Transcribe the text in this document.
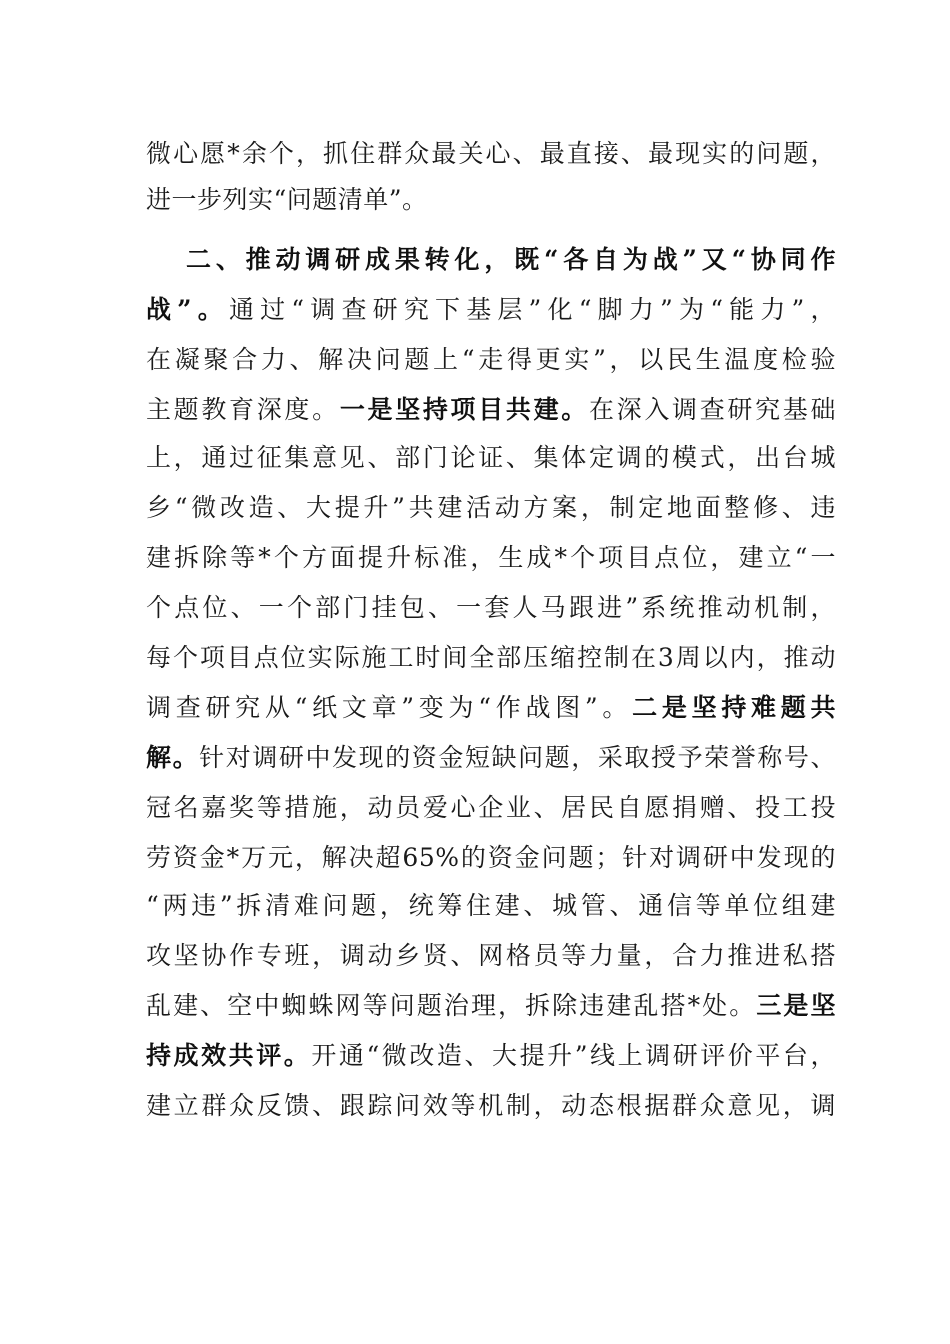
微心愿*余个，抓住群众最关心、最直接、最现实的问题，
进一步列实“问题清单”。
二、推动调研成果转化，既“各自为战”又“协同作
战”。通过“调查研究下基层”化“脚力”为“能力”，
在凝聚合力、解决问题上“走得更实”，以民生温度检验
主题教育深度。一是坚持项目共建。在深入调查研究基础
上，通过征集意见、部门论证、集体定调的模式，出台城
乡“微改造、大提升”共建活动方案，制定地面整修、违
建拆除等*个方面提升标准，生成*个项目点位，建立“一
个点位、一个部门挂包、一套人马跟进”系统推动机制，
每个项目点位实际施工时间全部压缩控制在3周以内，推动
调查研究从“纸文章”变为“作战图”。二是坚持难题共
解。针对调研中发现的资金短缺问题，采取授予荣誉称号、
冠名嘉奖等措施，动员爱心企业、居民自愿捐赠、投工投
劳资金*万元，解决超65%的资金问题；针对调研中发现的
“两违”拆清难问题，统筹住建、城管、通信等单位组建
攻坚协作专班，调动乡贤、网格员等力量，合力推进私搭
乱建、空中蜘蛛网等问题治理，拆除违建乱搭*处。三是坚
持成效共评。开通“微改造、大提升”线上调研评价平台，
建立群众反馈、跟踪问效等机制，动态根据群众意见，调
